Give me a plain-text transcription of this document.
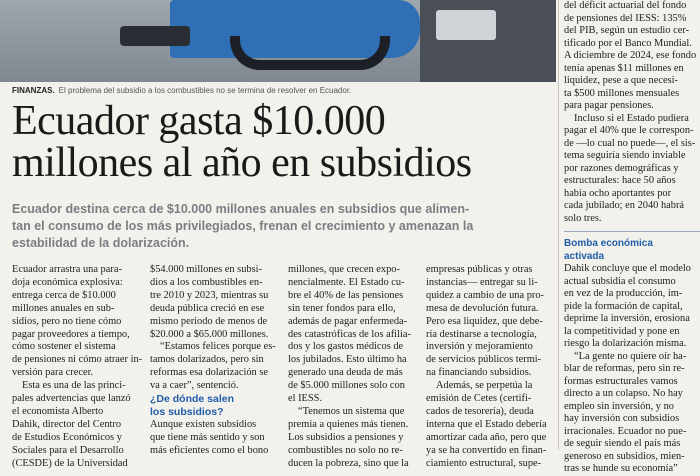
FINANZAS. El problema del subsidio a los combustibles no se termina de resolver en Ecuador.
Ecuador gasta $10.000
millones al año en subsidios
Ecuador destina cerca de $10.000 millones anuales en subsidios que alimen-
tan el consumo de los más privilegiados, frenan el crecimiento y amenazan la
estabilidad de la dolarización.
Ecuador arrastra una para-
doja económica explosiva:
entrega cerca de $10.000
millones anuales en sub-
sidios, pero no tiene cómo
pagar proveedores a tiempo,
cómo sostener el sistema
de pensiones ni cómo atraer in-
versión para crecer.
Esta es una de las princi-
pales advertencias que lanzó
el economista Alberto
Dahik, director del Centro
de Estudios Económicos y
Sociales para el Desarrollo
(CESDE) de la Universidad
$54.000 millones en subsi-
dios a los combustibles en-
tre 2010 y 2023, mientras su
deuda pública creció en ese
mismo periodo de menos de
$20.000 a $65.000 millones.
“Estamos felices porque es-
tamos dolarizados, pero sin
reformas esa dolarización se
va a caer”, sentenció.
¿De dónde salen
los subsidios?
Aunque existen subsidios
que tiene más sentido y son
más eficientes como el bono
millones, que crecen expo-
nencialmente. El Estado cu-
bre el 40% de las pensiones
sin tener fondos para ello,
además de pagar enfermeda-
des catastróficas de los afilia-
dos y los gastos médicos de
los jubilados. Esto último ha
generado una deuda de más
de $5.000 millones solo con
el IESS.
“Tenemos un sistema que
premia a quienes más tienen.
Los subsidios a pensiones y
combustibles no solo no re-
ducen la pobreza, sino que la
empresas públicas y otras
instancias— entregar su li-
quidez a cambio de una pro-
mesa de devolución futura.
Pero esa liquidez, que debe-
ría destinarse a tecnología,
inversión y mejoramiento
de servicios públicos termi-
na financiando subsidios.
Además, se perpetúa la
emisión de Cetes (certifi-
cados de tesorería), deuda
interna que el Estado debería
amortizar cada año, pero que
ya se ha convertido en finan-
ciamiento estructural, supe-
del déficit actuarial del fondo
de pensiones del IESS: 135%
del PIB, según un estudio cer-
tificado por el Banco Mundial.
A diciembre de 2024, ese fondo
tenía apenas $11 millones en
liquidez, pese a que necesi-
ta $500 millones mensuales
para pagar pensiones.
Incluso si el Estado pudiera
pagar el 40% que le correspon-
de —lo cual no puede—, el sis-
tema seguiría siendo inviable
por razones demográficas y
estructurales: hace 50 años
había ocho aportantes por
cada jubilado; en 2040 habrá
solo tres.
Bomba económica
activada
Dahik concluye que el modelo
actual subsidia el consumo
en vez de la producción, im-
pide la formación de capital,
deprime la inversión, erosiona
la competitividad y pone en
riesgo la dolarización misma.
“La gente no quiere oír ha-
blar de reformas, pero sin re-
formas estructurales vamos
directo a un colapso. No hay
empleo sin inversión, y no
hay inversión con subsidios
irracionales. Ecuador no pue-
de seguir siendo el país más
generoso en subsidios, mien-
tras se hunde su economía”
